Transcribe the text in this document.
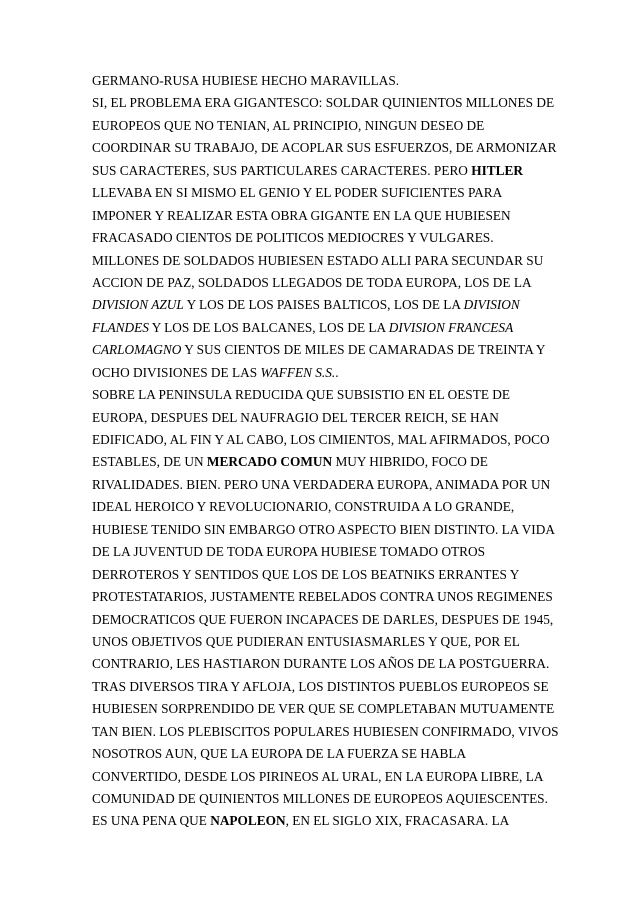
GERMANO-RUSA HUBIESE HECHO MARAVILLAS.
SI, EL PROBLEMA ERA GIGANTESCO: SOLDAR QUINIENTOS MILLONES DE
EUROPEOS QUE NO TENIAN, AL PRINCIPIO, NINGUN DESEO DE
COORDINAR SU TRABAJO, DE ACOPLAR SUS ESFUERZOS, DE ARMONIZAR
SUS CARACTERES, SUS PARTICULARES CARACTERES. PERO HITLER
LLEVABA EN SI MISMO EL GENIO Y EL PODER SUFICIENTES PARA
IMPONER Y REALIZAR ESTA OBRA GIGANTE EN LA QUE HUBIESEN
FRACASADO CIENTOS DE POLITICOS MEDIOCRES Y VULGARES.
MILLONES DE SOLDADOS HUBIESEN ESTADO ALLI PARA SECUNDAR SU
ACCION DE PAZ, SOLDADOS LLEGADOS DE TODA EUROPA, LOS DE LA
DIVISION AZUL Y LOS DE LOS PAISES BALTICOS, LOS DE LA DIVISION
FLANDES Y LOS DE LOS BALCANES, LOS DE LA DIVISION FRANCESA
CARLOMAGNO Y SUS CIENTOS DE MILES DE CAMARADAS DE TREINTA Y
OCHO DIVISIONES DE LAS WAFFEN S.S..
SOBRE LA PENINSULA REDUCIDA QUE SUBSISTIO EN EL OESTE DE
EUROPA, DESPUES DEL NAUFRAGIO DEL TERCER REICH, SE HAN
EDIFICADO, AL FIN Y AL CABO, LOS CIMIENTOS, MAL AFIRMADOS, POCO
ESTABLES, DE UN MERCADO COMUN MUY HIBRIDO, FOCO DE
RIVALIDADES. BIEN. PERO UNA VERDADERA EUROPA, ANIMADA POR UN
IDEAL HEROICO Y REVOLUCIONARIO, CONSTRUIDA A LO GRANDE,
HUBIESE TENIDO SIN EMBARGO OTRO ASPECTO BIEN DISTINTO. LA VIDA
DE LA JUVENTUD DE TODA EUROPA HUBIESE TOMADO OTROS
DERROTEROS Y SENTIDOS QUE LOS DE LOS BEATNIKS ERRANTES Y
PROTESTATARIOS, JUSTAMENTE REBELADOS CONTRA UNOS REGIMENES
DEMOCRATICOS QUE FUERON INCAPACES DE DARLES, DESPUES DE 1945,
UNOS OBJETIVOS QUE PUDIERAN ENTUSIASMARLES Y QUE, POR EL
CONTRARIO, LES HASTIARON DURANTE LOS AÑOS DE LA POSTGUERRA.
TRAS DIVERSOS TIRA Y AFLOJA, LOS DISTINTOS PUEBLOS EUROPEOS SE
HUBIESEN SORPRENDIDO DE VER QUE SE COMPLETABAN MUTUAMENTE
TAN BIEN. LOS PLEBISCITOS POPULARES HUBIESEN CONFIRMADO, VIVOS
NOSOTROS AUN, QUE LA EUROPA DE LA FUERZA SE HABLA
CONVERTIDO, DESDE LOS PIRINEOS AL URAL, EN LA EUROPA LIBRE, LA
COMUNIDAD DE QUINIENTOS MILLONES DE EUROPEOS AQUIESCENTES.
ES UNA PENA QUE NAPOLEON, EN EL SIGLO XIX, FRACASARA. LA
